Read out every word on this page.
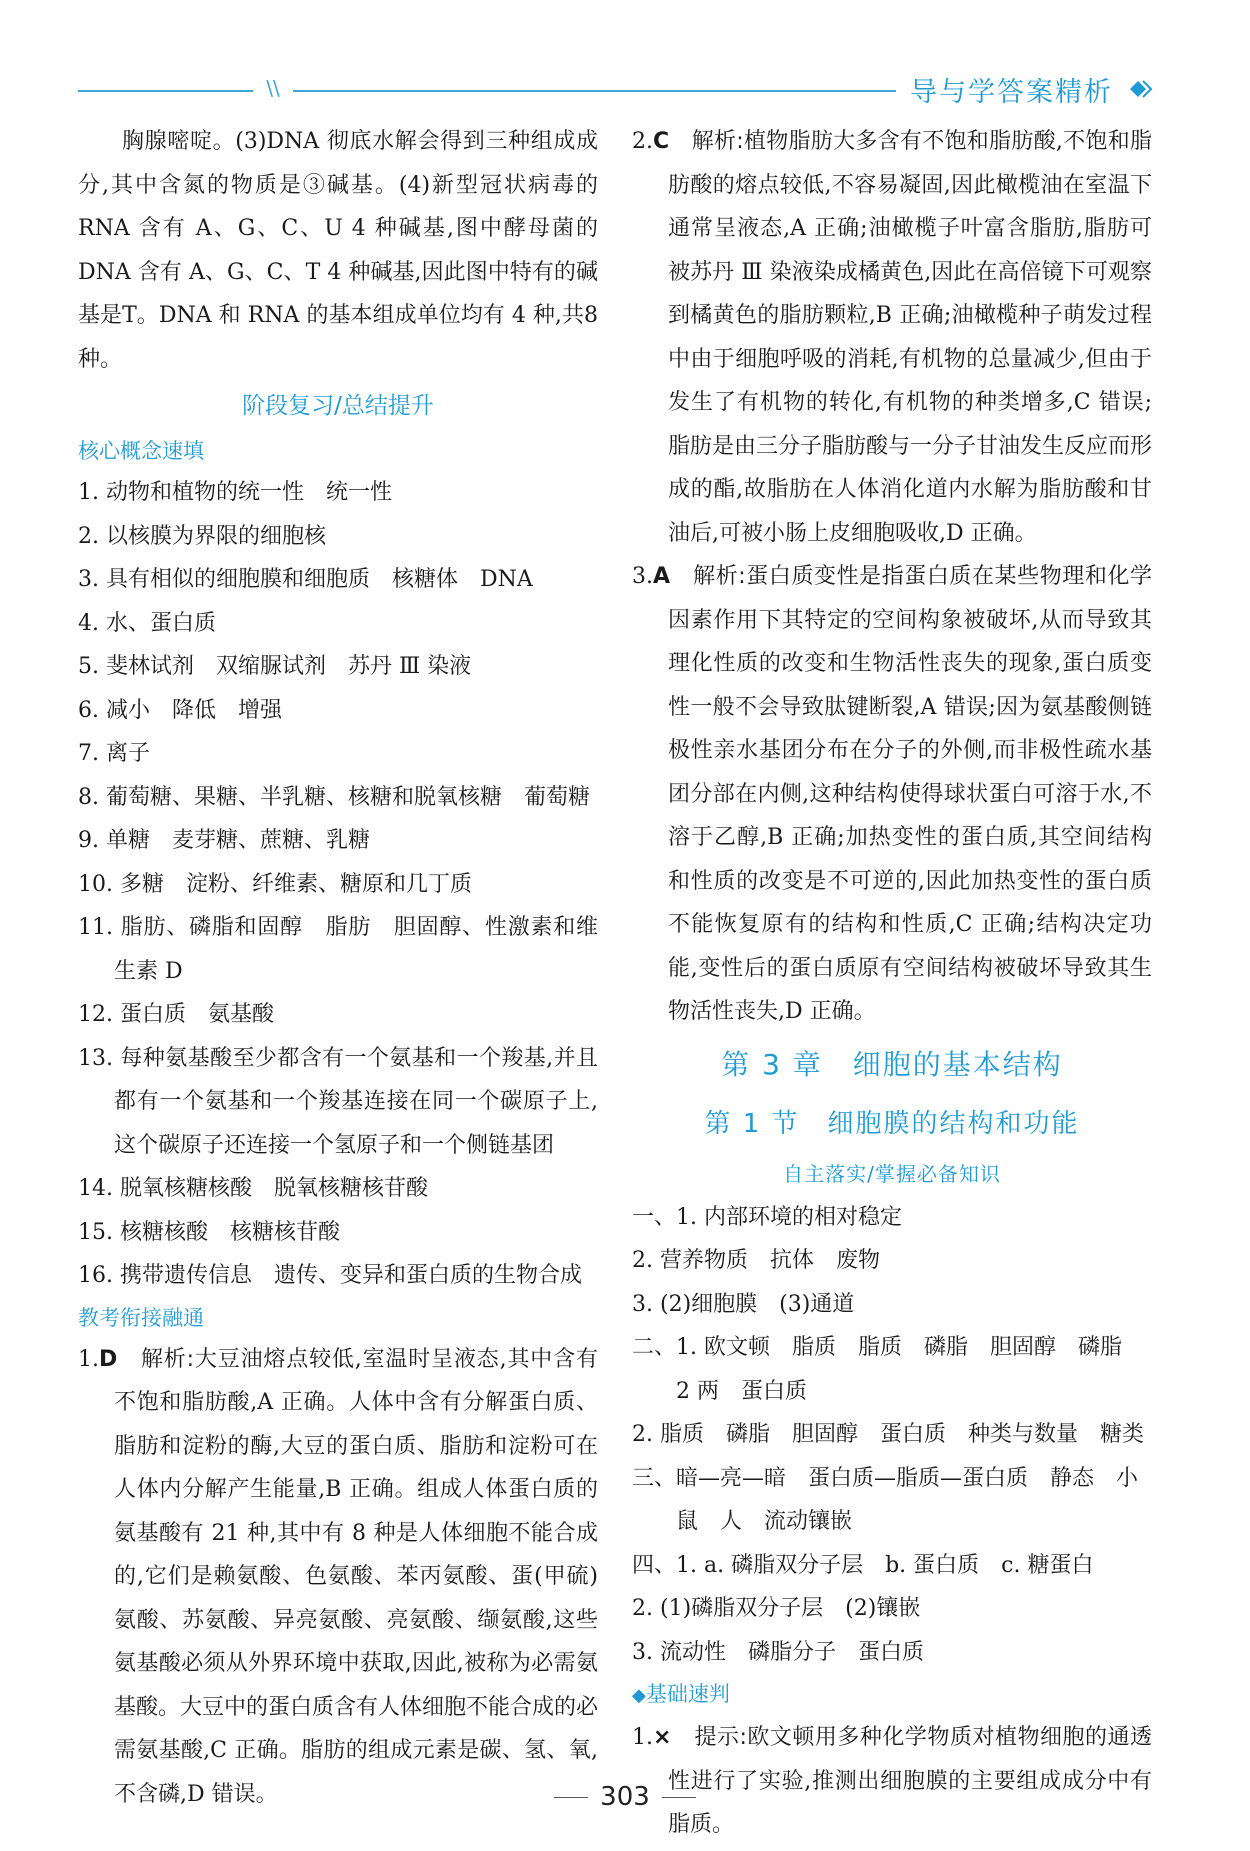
\\	导与学答案精析

胸腺嘧啶。(3)DNA 彻底水解会得到三种组成成分,其中含氮的物质是③碱基。(4)新型冠状病毒的RNA 含有 A、G、C、U 4 种碱基,图中酵母菌的 DNA 含有 A、G、C、T 4 种碱基,因此图中特有的碱基是T。DNA 和 RNA 的基本组成单位均有 4 种,共8 种。

阶段复习/总结提升

核心概念速填

1. 动物和植物的统一性　统一性

2. 以核膜为界限的细胞核

3. 具有相似的细胞膜和细胞质　核糖体　DNA

4. 水、蛋白质

5. 斐林试剂　双缩脲试剂　苏丹 Ⅲ 染液

6. 减小　降低　增强

7. 离子

8. 葡萄糖、果糖、半乳糖、核糖和脱氧核糖　葡萄糖

9. 单糖　麦芽糖、蔗糖、乳糖

10. 多糖　淀粉、纤维素、糖原和几丁质

11. 脂肪、磷脂和固醇　脂肪　胆固醇、性激素和维生素 D

12. 蛋白质　氨基酸

13. 每种氨基酸至少都含有一个氨基和一个羧基,并且都有一个氨基和一个羧基连接在同一个碳原子上,这个碳原子还连接一个氢原子和一个侧链基团

14. 脱氧核糖核酸　脱氧核糖核苷酸

15. 核糖核酸　核糖核苷酸

16. 携带遗传信息　遗传、变异和蛋白质的生物合成

教考衔接融通

1.D　 解析:大豆油熔点较低,室温时呈液态,其中含有不饱和脂肪酸,A 正确。人体中含有分解蛋白质、脂肪和淀粉的酶,大豆的蛋白质、脂肪和淀粉可在人体内分解产生能量,B 正确。组成人体蛋白质的氨基酸有 21 种,其中有 8 种是人体细胞不能合成的,它们是赖氨酸、色氨酸、苯丙氨酸、蛋(甲硫)氨酸、苏氨酸、异亮氨酸、亮氨酸、缬氨酸,这些氨基酸必须从外界环境中获取,因此,被称为必需氨基酸。大豆中的蛋白质含有人体细胞不能合成的必需氨基酸,C 正确。脂肪的组成元素是碳、氢、氧,不含磷,D 错误。

2.C　 解析:植物脂肪大多含有不饱和脂肪酸,不饱和脂肪酸的熔点较低,不容易凝固,因此橄榄油在室温下通常呈液态,A 正确;油橄榄子叶富含脂肪,脂肪可被苏丹 Ⅲ 染液染成橘黄色,因此在高倍镜下可观察到橘黄色的脂肪颗粒,B 正确;油橄榄种子萌发过程中由于细胞呼吸的消耗,有机物的总量减少,但由于发生了有机物的转化,有机物的种类增多,C 错误;脂肪是由三分子脂肪酸与一分子甘油发生反应而形成的酯,故脂肪在人体消化道内水解为脂肪酸和甘油后,可被小肠上皮细胞吸收,D 正确。

3.A　 解析:蛋白质变性是指蛋白质在某些物理和化学因素作用下其特定的空间构象被破坏,从而导致其理化性质的改变和生物活性丧失的现象,蛋白质变性一般不会导致肽键断裂,A 错误;因为氨基酸侧链极性亲水基团分布在分子的外侧,而非极性疏水基团分部在内侧,这种结构使得球状蛋白可溶于水,不溶于乙醇,B 正确;加热变性的蛋白质,其空间结构和性质的改变是不可逆的,因此加热变性的蛋白质不能恢复原有的结构和性质,C 正确;结构决定功能,变性后的蛋白质原有空间结构被破坏导致其生物活性丧失,D 正确。

第 3 章　细胞的基本结构

第 1 节　细胞膜的结构和功能

自主落实/掌握必备知识

一、1. 内部环境的相对稳定

2. 营养物质　抗体　废物

3. (2)细胞膜　(3)通道

二、1. 欧文顿　脂质　脂质　磷脂　胆固醇　磷脂　2 两　蛋白质

2. 脂质　磷脂　胆固醇　蛋白质　种类与数量　糖类

三、暗—亮—暗　蛋白质—脂质—蛋白质　静态　小鼠　人　流动镶嵌

四、1. a. 磷脂双分子层　b. 蛋白质　c. 糖蛋白

2. (1)磷脂双分子层　(2)镶嵌

3. 流动性　磷脂分子　蛋白质

◆基础速判

1.×　 提示:欧文顿用多种化学物质对植物细胞的通透性进行了实验,推测出细胞膜的主要组成成分中有脂质。

303
